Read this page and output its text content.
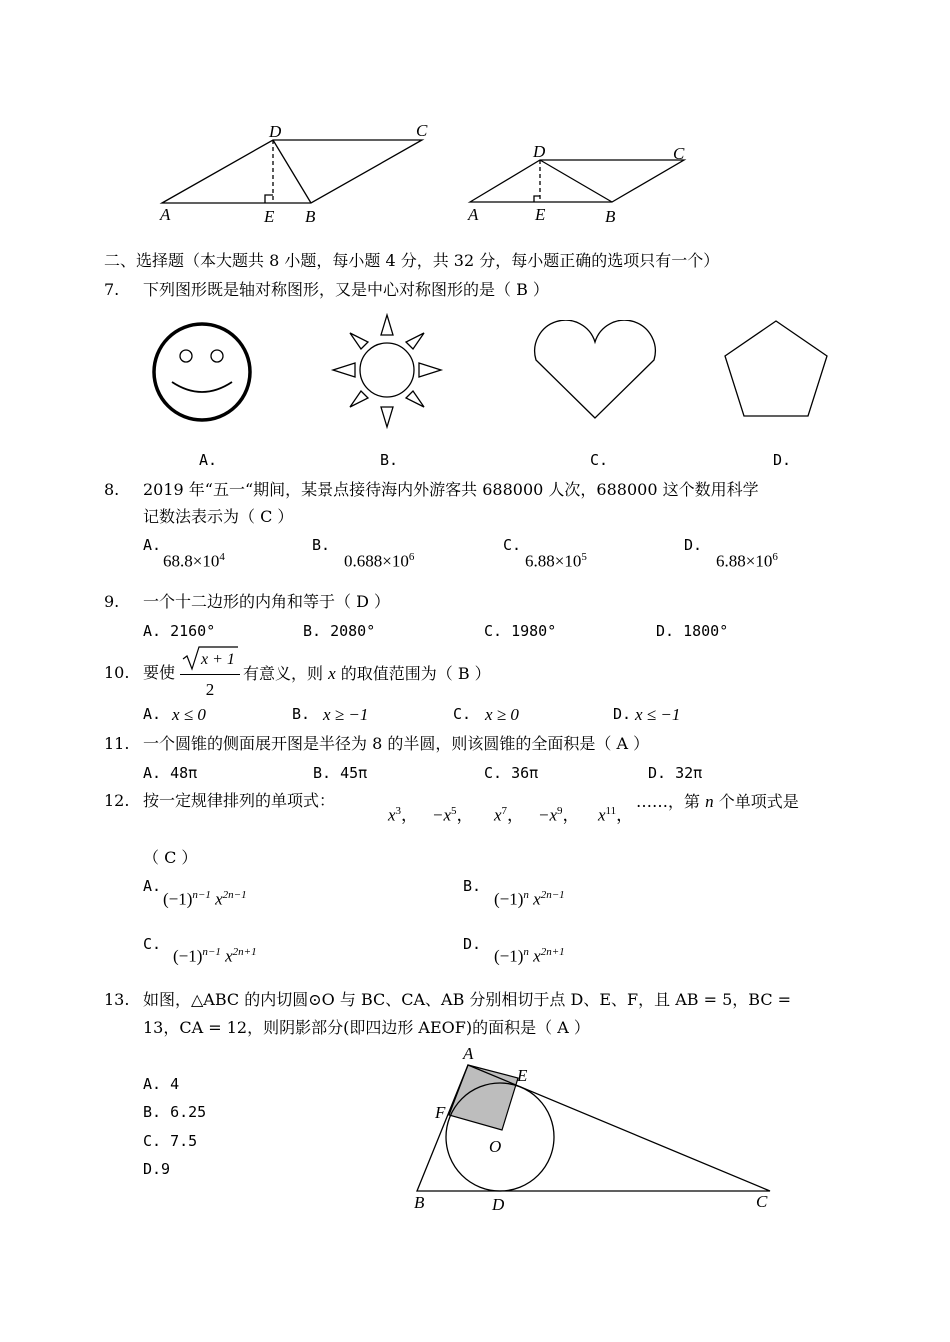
D	C
A	E B
D	C
A	E	B
二、选择题（本大题共 8 小题，每小题 4 分，共 32 分，每小题正确的选项只有一个）
7. 下列图形既是轴对称图形，又是中心对称图形的是（ B ）
A.	B.	C.	D.
8. 2019 年“五一“期间，某景点接待海内外游客共 688000 人次，688000 这个数用科学
记数法表示为（ C ）
A.
$68.8\times 10^4$
B.
$0.688\times 10^6$
C.
$6.88\times 10^5$
D.
$6.88\times 10^6$
9. 一个十二边形的内角和等于（ D ）
A. 2160°	B. 2080°	C. 1980°	D. 1800°
10. 要使
x + 1
2
有意义，则 x 的取值范围为（ B ）
A. x ≤ 0	B. x ≥ −1	C. x ≥ 0	D. x ≤ −1
11. 一个圆锥的侧面展开图是半径为 8 的半圆，则该圆锥的全面积是（ A ）
A. 48π	B. 45π	C. 36π	D. 32π
12. 按一定规律排列的单项式：
$x^3$， $-x^5$， $x^7$， $-x^9$， $x^{11}$，
……，第 n 个单项式是
（ C ）
A.
$(-1)^{n-1}$ $x^{2n-1}$	B.
$(-1)^n$ $x^{2n-1}$
C.
$(-1)^{n-1}$ $x^{2n+1}$	D.
$(-1)^n$ $x^{2n+1}$
13. 如图，△ABC 的内切圆⊙O 与 BC、CA、AB 分别相切于点 D、E、F，且 AB = 5，BC =
13，CA = 12，则阴影部分(即四边形 AEOF)的面积是（ A ）
A. 4
B. 6.25
C. 7.5
D.9
A
E
F
O
B	D	C
